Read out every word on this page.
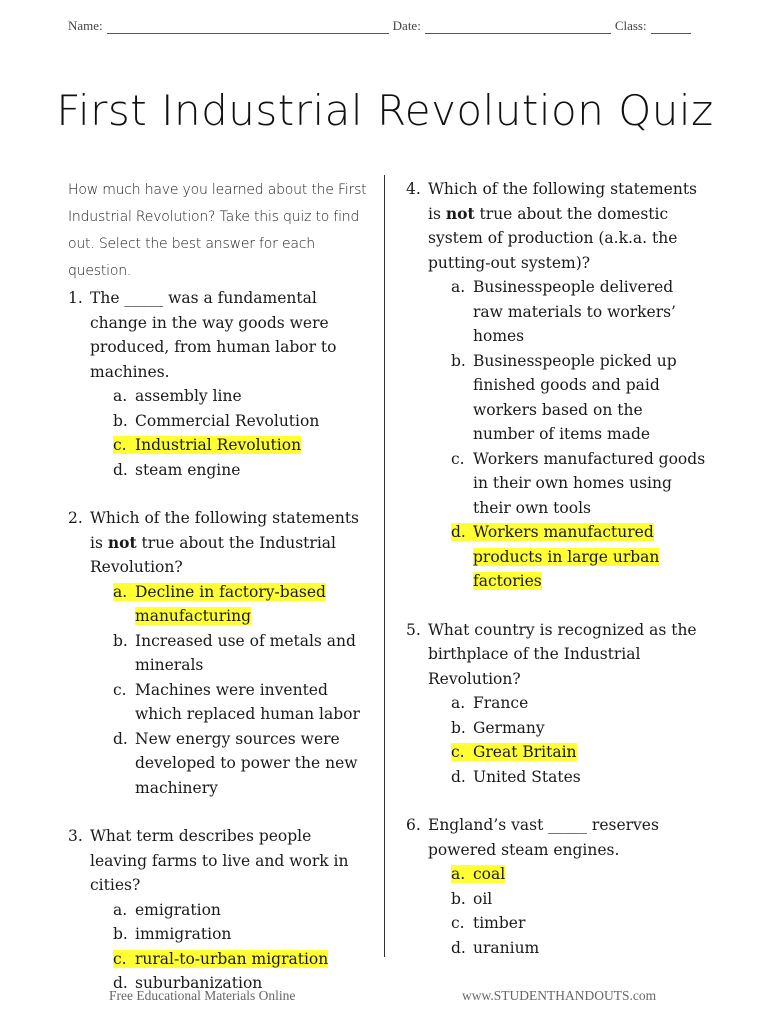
Name:	Date:	Class:
First Industrial Revolution Quiz
How much have you learned about the First Industrial Revolution? Take this quiz to find out. Select the best answer for each question.
1. The _____ was a fundamental change in the way goods were produced, from human labor to machines.
a. assembly line
b. Commercial Revolution
c. Industrial Revolution
d. steam engine
2. Which of the following statements is not true about the Industrial Revolution?
a. Decline in factory-based manufacturing
b. Increased use of metals and minerals
c. Machines were invented which replaced human labor
d. New energy sources were developed to power the new machinery
3. What term describes people leaving farms to live and work in cities?
a. emigration
b. immigration
c. rural-to-urban migration
d. suburbanization
4. Which of the following statements is not true about the domestic system of production (a.k.a. the putting-out system)?
a. Businesspeople delivered raw materials to workers’ homes
b. Businesspeople picked up finished goods and paid workers based on the number of items made
c. Workers manufactured goods in their own homes using their own tools
d. Workers manufactured products in large urban factories
5. What country is recognized as the birthplace of the Industrial Revolution?
a. France
b. Germany
c. Great Britain
d. United States
6. England’s vast _____ reserves powered steam engines.
a. coal
b. oil
c. timber
d. uranium
Free Educational Materials Online	www.STUDENTHANDOUTS.com
